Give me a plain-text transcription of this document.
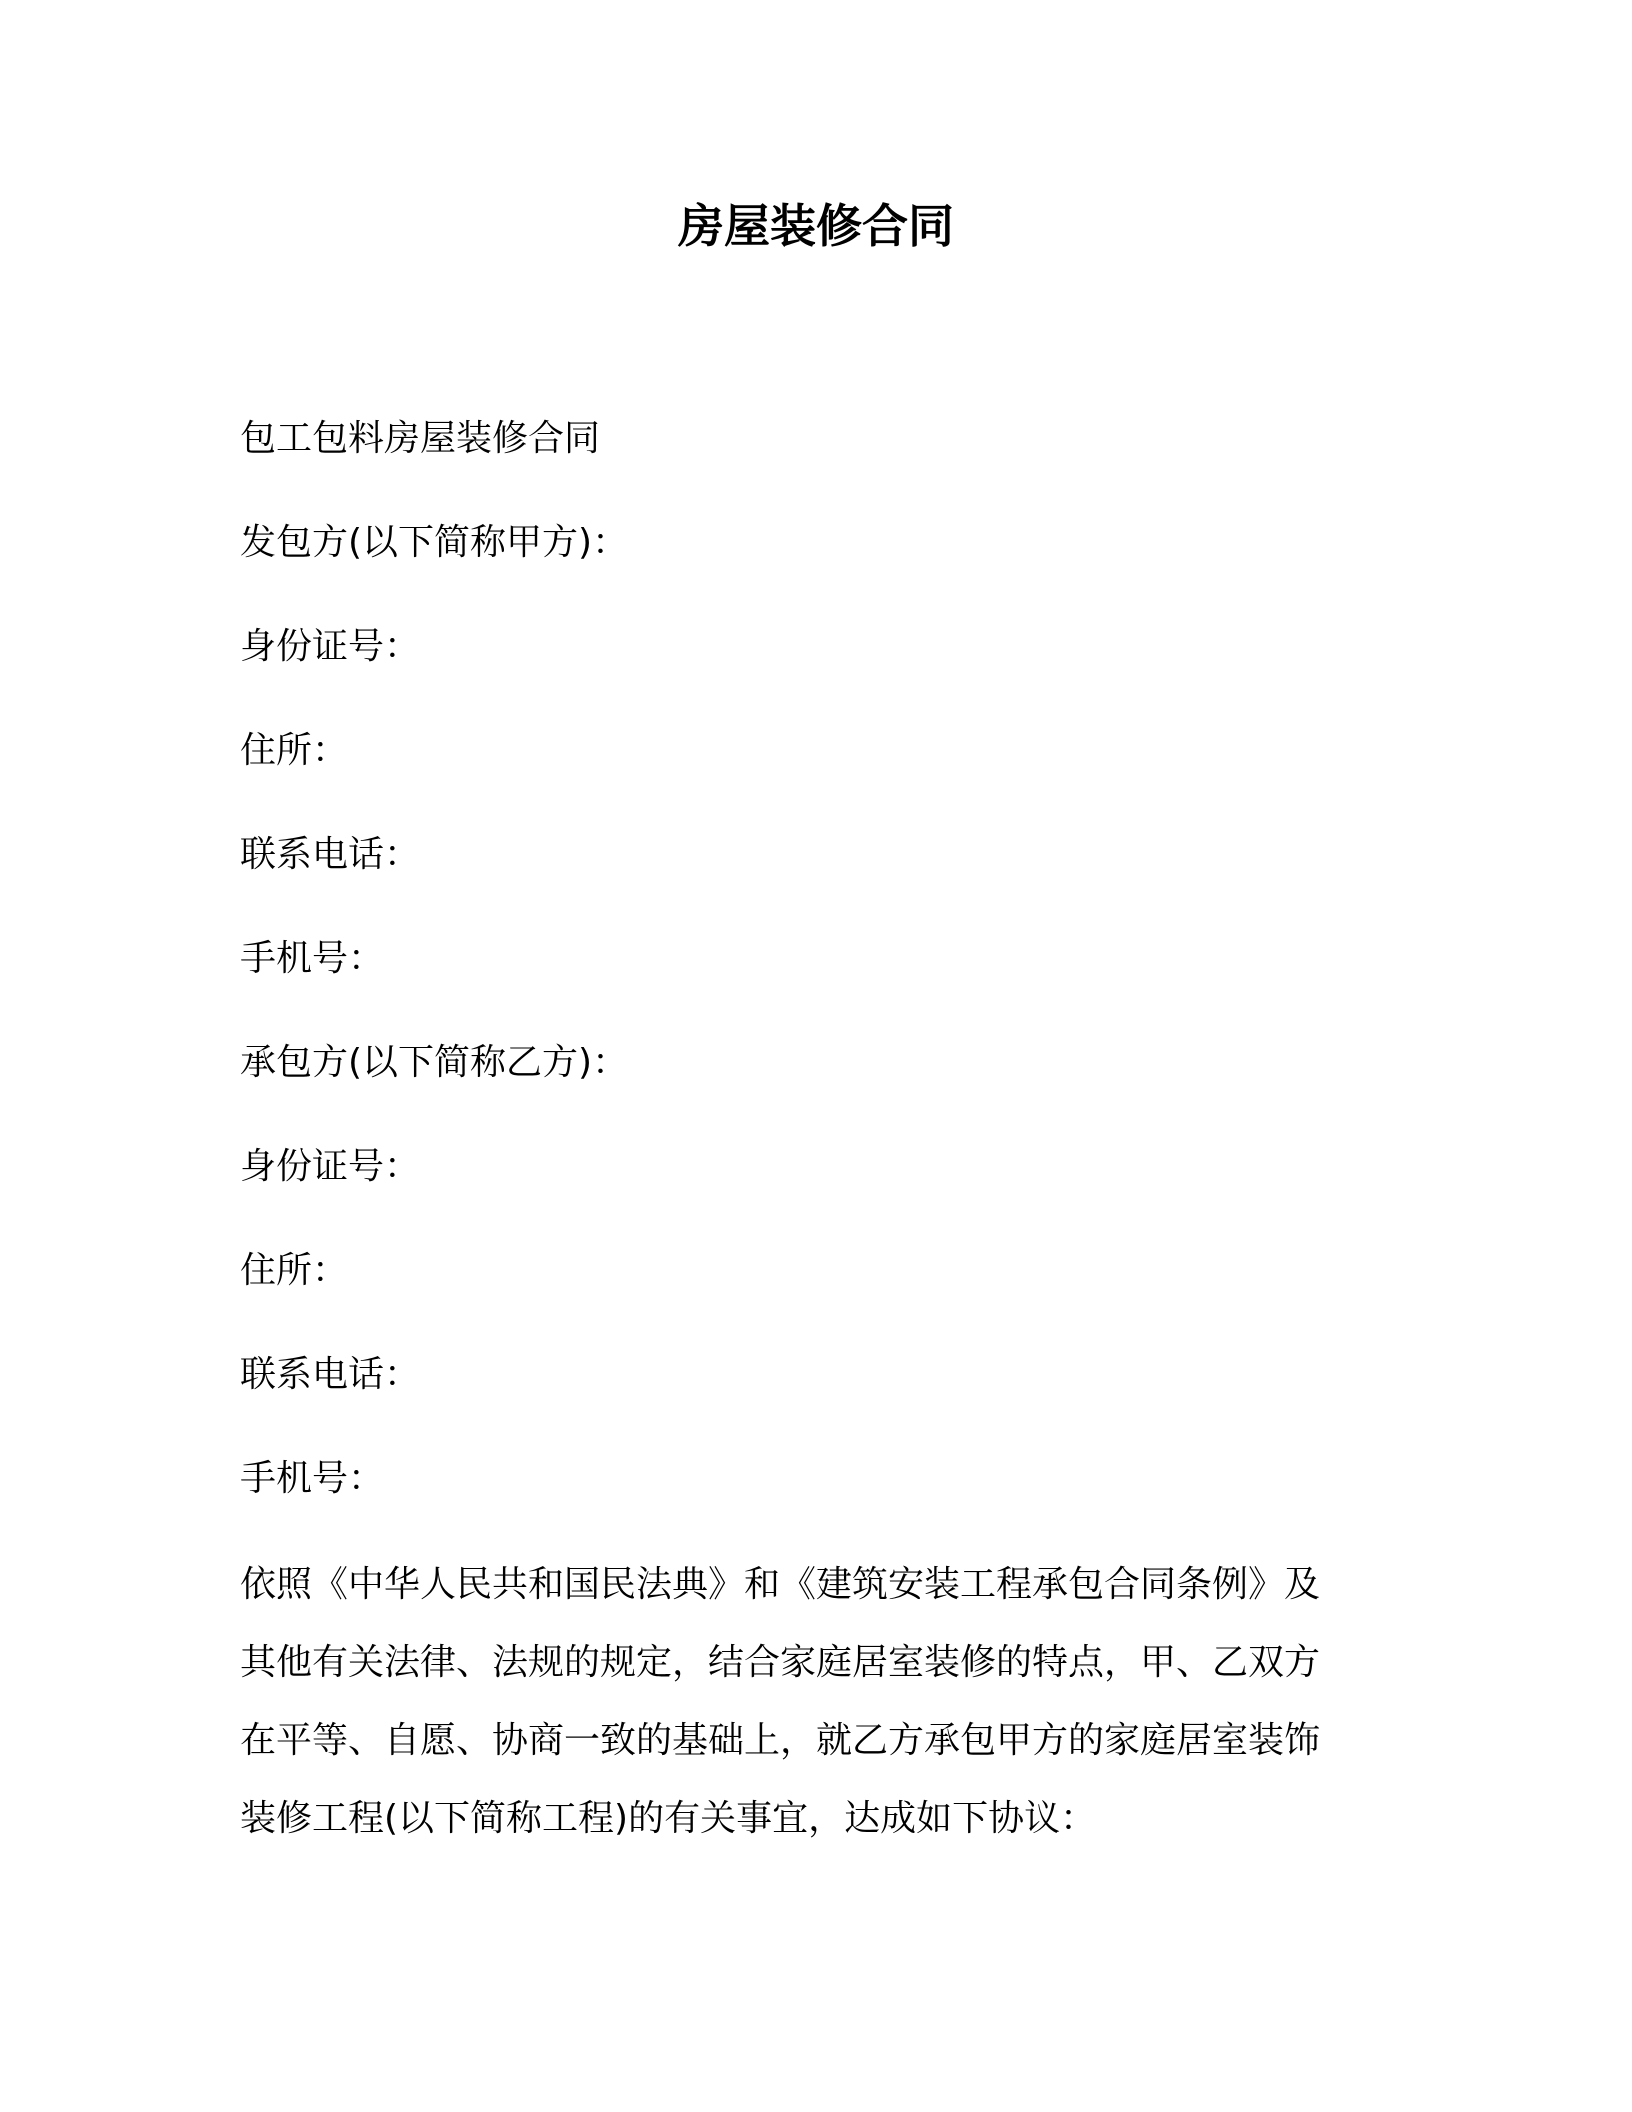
房屋装修合同
包工包料房屋装修合同
发包方(以下简称甲方)：
身份证号：
住所：
联系电话：
手机号：
承包方(以下简称乙方)：
身份证号：
住所：
联系电话：
手机号：
依照《中华人民共和国民法典》和《建筑安装工程承包合同条例》及
其他有关法律、法规的规定，结合家庭居室装修的特点，甲、乙双方
在平等、自愿、协商一致的基础上，就乙方承包甲方的家庭居室装饰
装修工程(以下简称工程)的有关事宜，达成如下协议：
